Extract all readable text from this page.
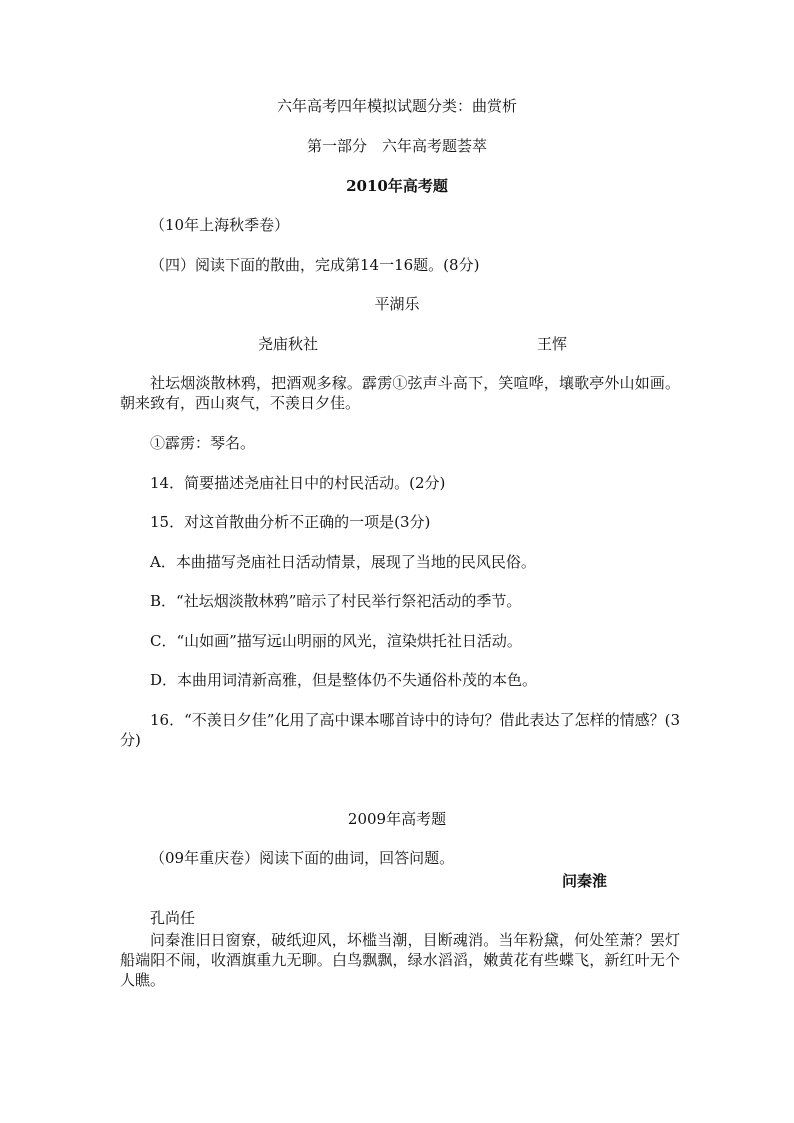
六年高考四年模拟试题分类：曲赏析
第一部分　六年高考题荟萃
2010年高考题
（10年上海秋季卷）
（四）阅读下面的散曲，完成第14一16题。(8分)
平湖乐
尧庙秋社	王恽
社坛烟淡散林鸦，把酒观多稼。霹雳①弦声斗高下，笑喧哗，壤歌亭外山如画。朝来致有，西山爽气，不羡日夕佳。
①霹雳：琴名。
14．简要描述尧庙社日中的村民活动。(2分)
15．对这首散曲分析不正确的一项是(3分)
A．本曲描写尧庙社日活动情景，展现了当地的民风民俗。
B．“社坛烟淡散林鸦”暗示了村民举行祭祀活动的季节。
C．“山如画”描写远山明丽的风光，渲染烘托社日活动。
D．本曲用词清新高雅，但是整体仍不失通俗朴茂的本色。
16．“不羡日夕佳”化用了高中课本哪首诗中的诗句？借此表达了怎样的情感？(3分)
2009年高考题
（09年重庆卷）阅读下面的曲词，回答问题。
问秦淮
孔尚任
问秦淮旧日窗寮，破纸迎风，坏槛当潮，目断魂消。当年粉黛，何处笙萧？罢灯船端阳不闹，收酒旗重九无聊。白鸟飘飘，绿水滔滔，嫩黄花有些蝶飞，新红叶无个人瞧。
